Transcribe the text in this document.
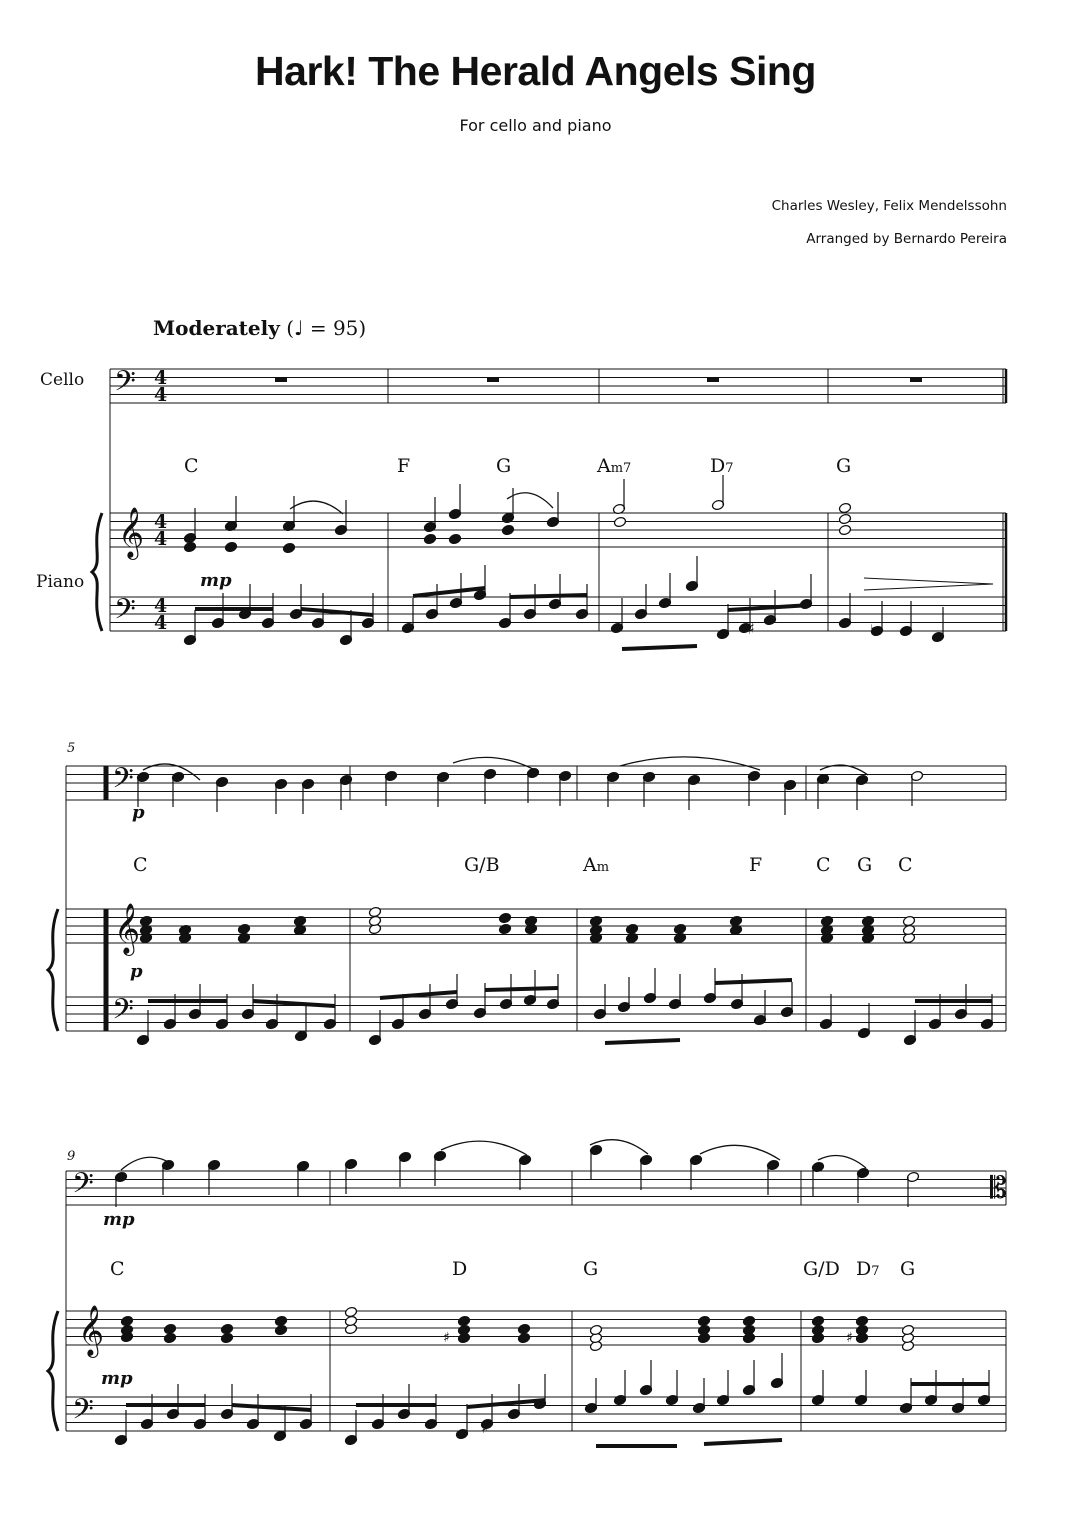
Hark! The Herald Angels Sing
For cello and piano
Charles Wesley, Felix Mendelssohn
Arranged by Bernardo Pereira
Moderately (♩ = 95)
Cello
Piano
𝄢 4
4
𝄞 4
4
𝄢 4
4
C	F	G	Am7	D7	G
mp
♯	♮
5
𝄢
𝄞
𝄢
C	G/B	Am	F	C G C
p
p
9
𝄢
𝄞
𝄢
𝄡
C	D	G	G/D D7 G
mp
mp
♯
♯	♯
